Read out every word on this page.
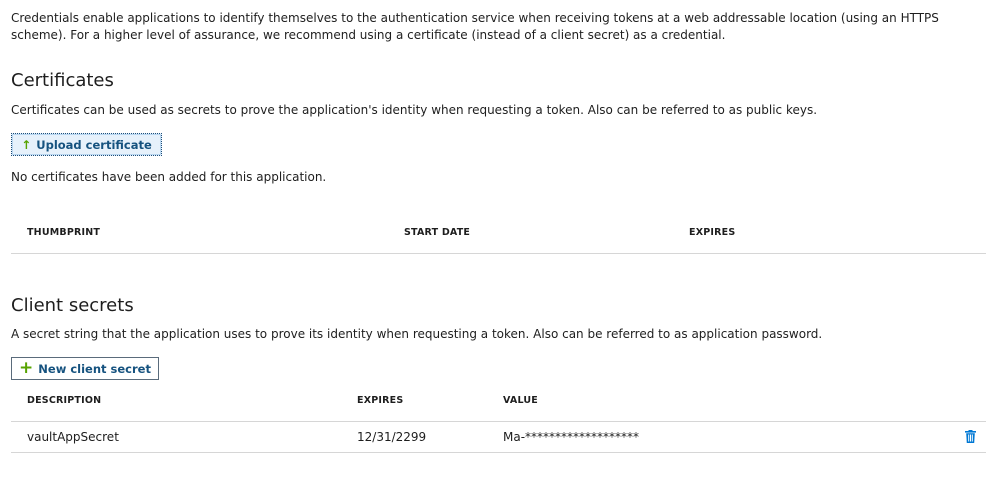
Credentials enable applications to identify themselves to the authentication service when receiving tokens at a web addressable location (using an HTTPS scheme). For a higher level of assurance, we recommend using a certificate (instead of a client secret) as a credential.
Certificates
Certificates can be used as secrets to prove the application's identity when requesting a token. Also can be referred to as public keys.
↑ Upload certificate
No certificates have been added for this application.
THUMBPRINT	START DATE	EXPIRES
Client secrets
A secret string that the application uses to prove its identity when requesting a token. Also can be referred to as application password.
+ New client secret
DESCRIPTION	EXPIRES	VALUE
vaultAppSecret	12/31/2299	Ma-*******************
